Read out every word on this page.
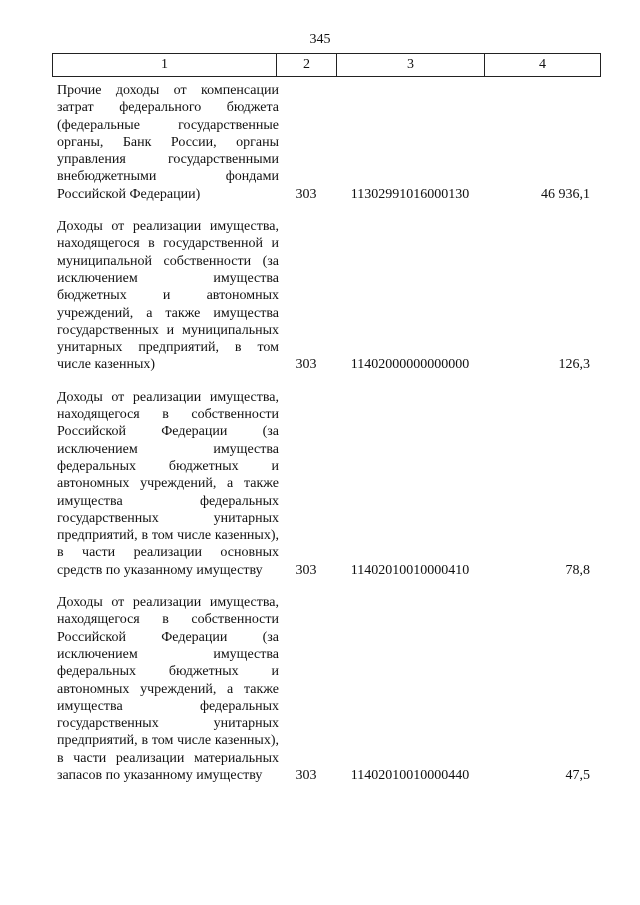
345
1	2	3	4
Прочие доходы от компенсации затрат федерального бюджета (федеральные государственные органы, Банк России, органы управления государственными внебюджетными фондами Российской Федерации)	303	11302991016000130	46 936,1
Доходы от реализации имущества, находящегося в государственной и муниципальной собственности (за исключением имущества бюджетных и автономных учреждений, а также имущества государственных и муниципальных унитарных предприятий, в том числе казенных)	303	11402000000000000	126,3
Доходы от реализации имущества, находящегося в собственности Российской Федерации (за исключением имущества федеральных бюджетных и автономных учреждений, а также имущества федеральных государственных унитарных предприятий, в том числе казенных), в части реализации основных средств по указанному имуществу	303	11402010010000410	78,8
Доходы от реализации имущества, находящегося в собственности Российской Федерации (за исключением имущества федеральных бюджетных и автономных учреждений, а также имущества федеральных государственных унитарных предприятий, в том числе казенных), в части реализации материальных запасов по указанному имуществу	303	11402010010000440	47,5
